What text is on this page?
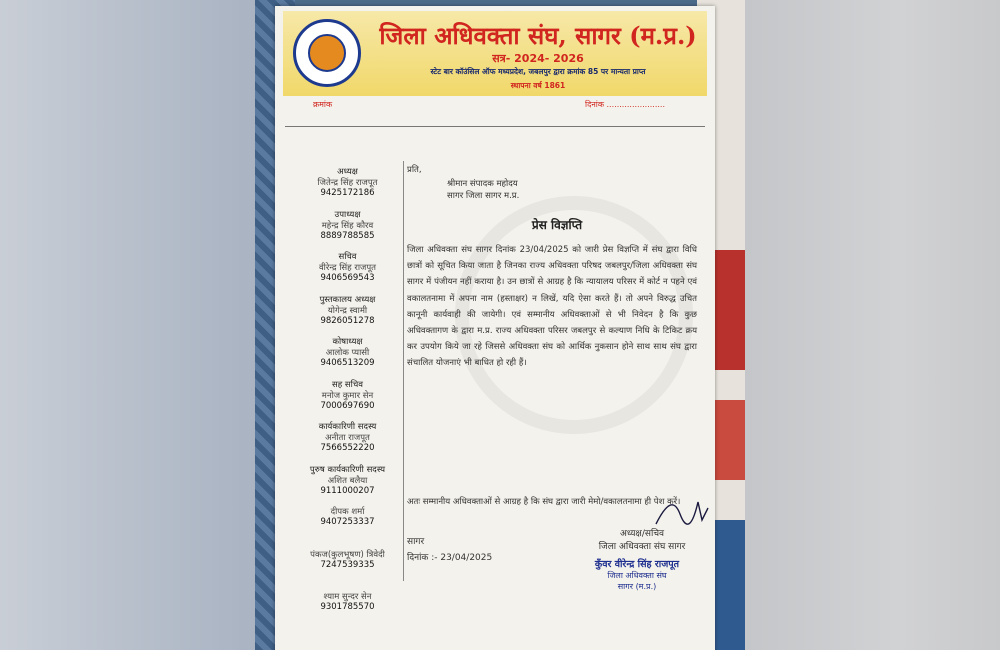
जिला अधिवक्ता संघ, सागर (म.प्र.)
सत्र- 2024- 2026
स्टेट बार कॉउंसिल ऑफ मध्यप्रदेश, जबलपुर द्वारा क्रमांक 85 पर मान्यता प्राप्त
स्थापना वर्ष 1861
क्रमांक	दिनांक .......................
अध्यक्ष
जितेन्द्र सिंह राजपूत
9425172186
उपाध्यक्ष
महेन्द्र सिंह कौरव
8889788585
सचिव
वीरेन्द्र सिंह राजपूत
9406569543
पुस्तकालय अध्यक्ष
योगेन्द्र स्वामी
9826051278
कोषाध्यक्ष
आलोक प्यासी
9406513209
सह सचिव
मनोज कुमार सेन
7000697690
कार्यकारिणी सदस्य
अनीता राजपूत
7566552220
पुरुष कार्यकारिणी सदस्य
अशित बलैया
9111000207
दीपक शर्मा
9407253337
पंकज(कुलभूषण) त्रिवेदी
7247539335
श्याम सुन्दर सेन
9301785570
प्रति,
श्रीमान संपादक महोदय
सागर जिला सागर म.प्र.
प्रेस विज्ञप्ति
जिला अधिवक्ता संघ सागर दिनांक 23/04/2025 को जारी प्रेस विज्ञप्ति में संघ द्वारा विधि छात्रों को सूचित किया जाता है जिनका राज्य अधिवक्ता परिषद जबलपुर/जिला अधिवक्ता संघ सागर में पंजीयन नहीं कराया है। उन छात्रों से आग्रह है कि न्यायालय परिसर में कोर्ट न पहने एवं वकालतनामा में अपना नाम (हस्ताक्षर) न लिखें, यदि ऐसा करते हैं। तो अपने विरुद्ध उचित कानूनी कार्यवाही की जायेगी। एवं सम्मानीय अधिवक्ताओं से भी निवेदन है कि कुछ अधिवक्तागण के द्वारा म.प्र. राज्य अधिवक्ता परिसर जबलपुर से कल्याण निधि के टिकिट क्रय कर उपयोग किये जा रहे जिससे अधिवक्ता संघ को आर्थिक नुकसान होने साथ साथ संघ द्वारा संचालित योजनाएं भी बाधित हो रही हैं।
अतः सम्मानीय अधिवक्ताओं से आग्रह है कि संघ द्वारा जारी मेमो/वकालतनामा ही पेश करें।
सागर
दिनांक :- 23/04/2025
अध्यक्ष/सचिव
जिला अधिवक्ता संघ सागर
कुँवर वीरेन्द्र सिंह राजपूत
जिला अधिवक्ता संघ
सागर (म.प्र.)
